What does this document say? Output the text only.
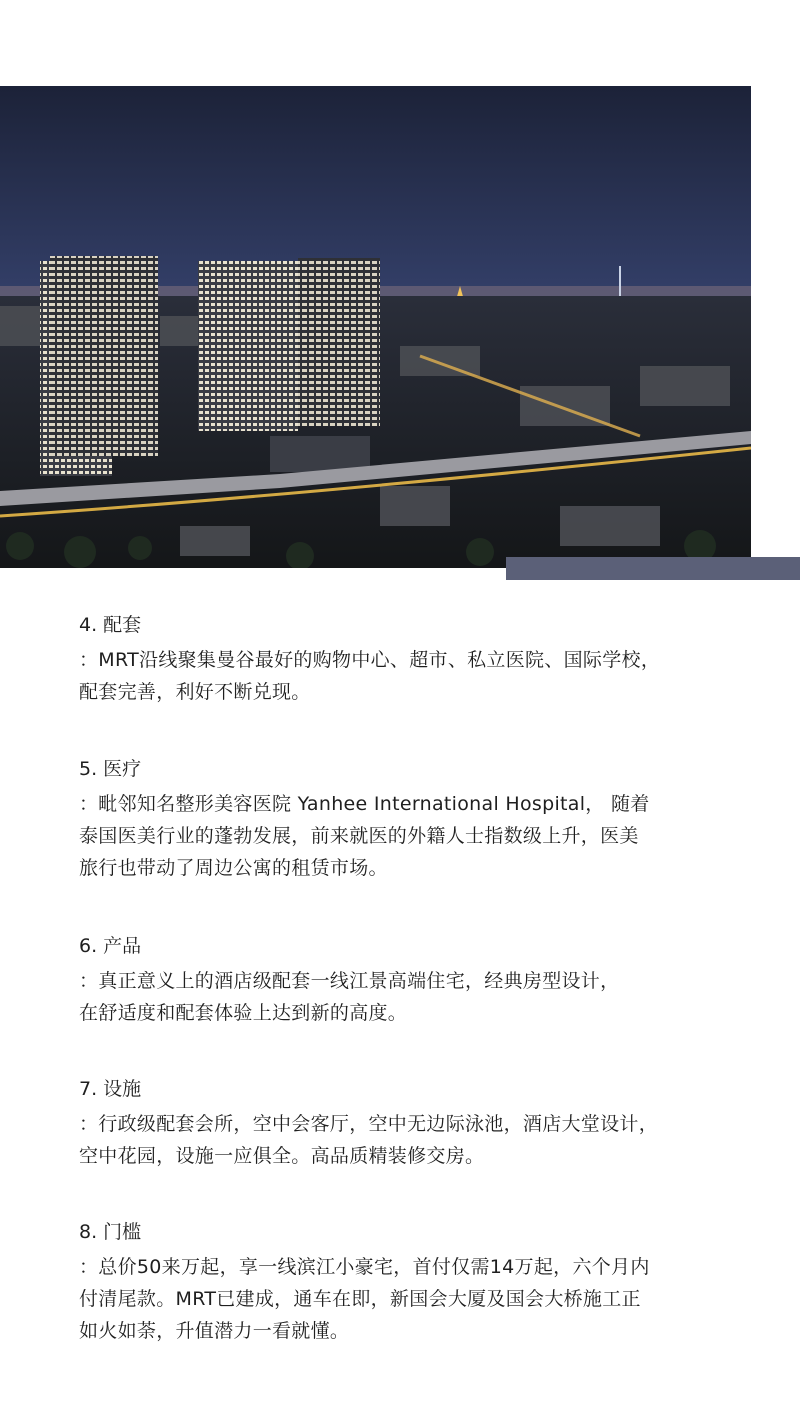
4. 配套
：MRT沿线聚集曼谷最好的购物中心、超市、私立医院、国际学校，
配套完善，利好不断兑现。
5. 医疗
：毗邻知名整形美容医院 Yanhee International Hospital， 随着
泰国医美行业的蓬勃发展，前来就医的外籍人士指数级上升，医美
旅行也带动了周边公寓的租赁市场。
6. 产品
：真正意义上的酒店级配套一线江景高端住宅，经典房型设计，
在舒适度和配套体验上达到新的高度。
7. 设施
：行政级配套会所，空中会客厅，空中无边际泳池，酒店大堂设计，
空中花园，设施一应俱全。高品质精装修交房。
8. 门槛
：总价50来万起，享一线滨江小豪宅，首付仅需14万起，六个月内
付清尾款。MRT已建成，通车在即，新国会大厦及国会大桥施工正
如火如荼，升值潜力一看就懂。
